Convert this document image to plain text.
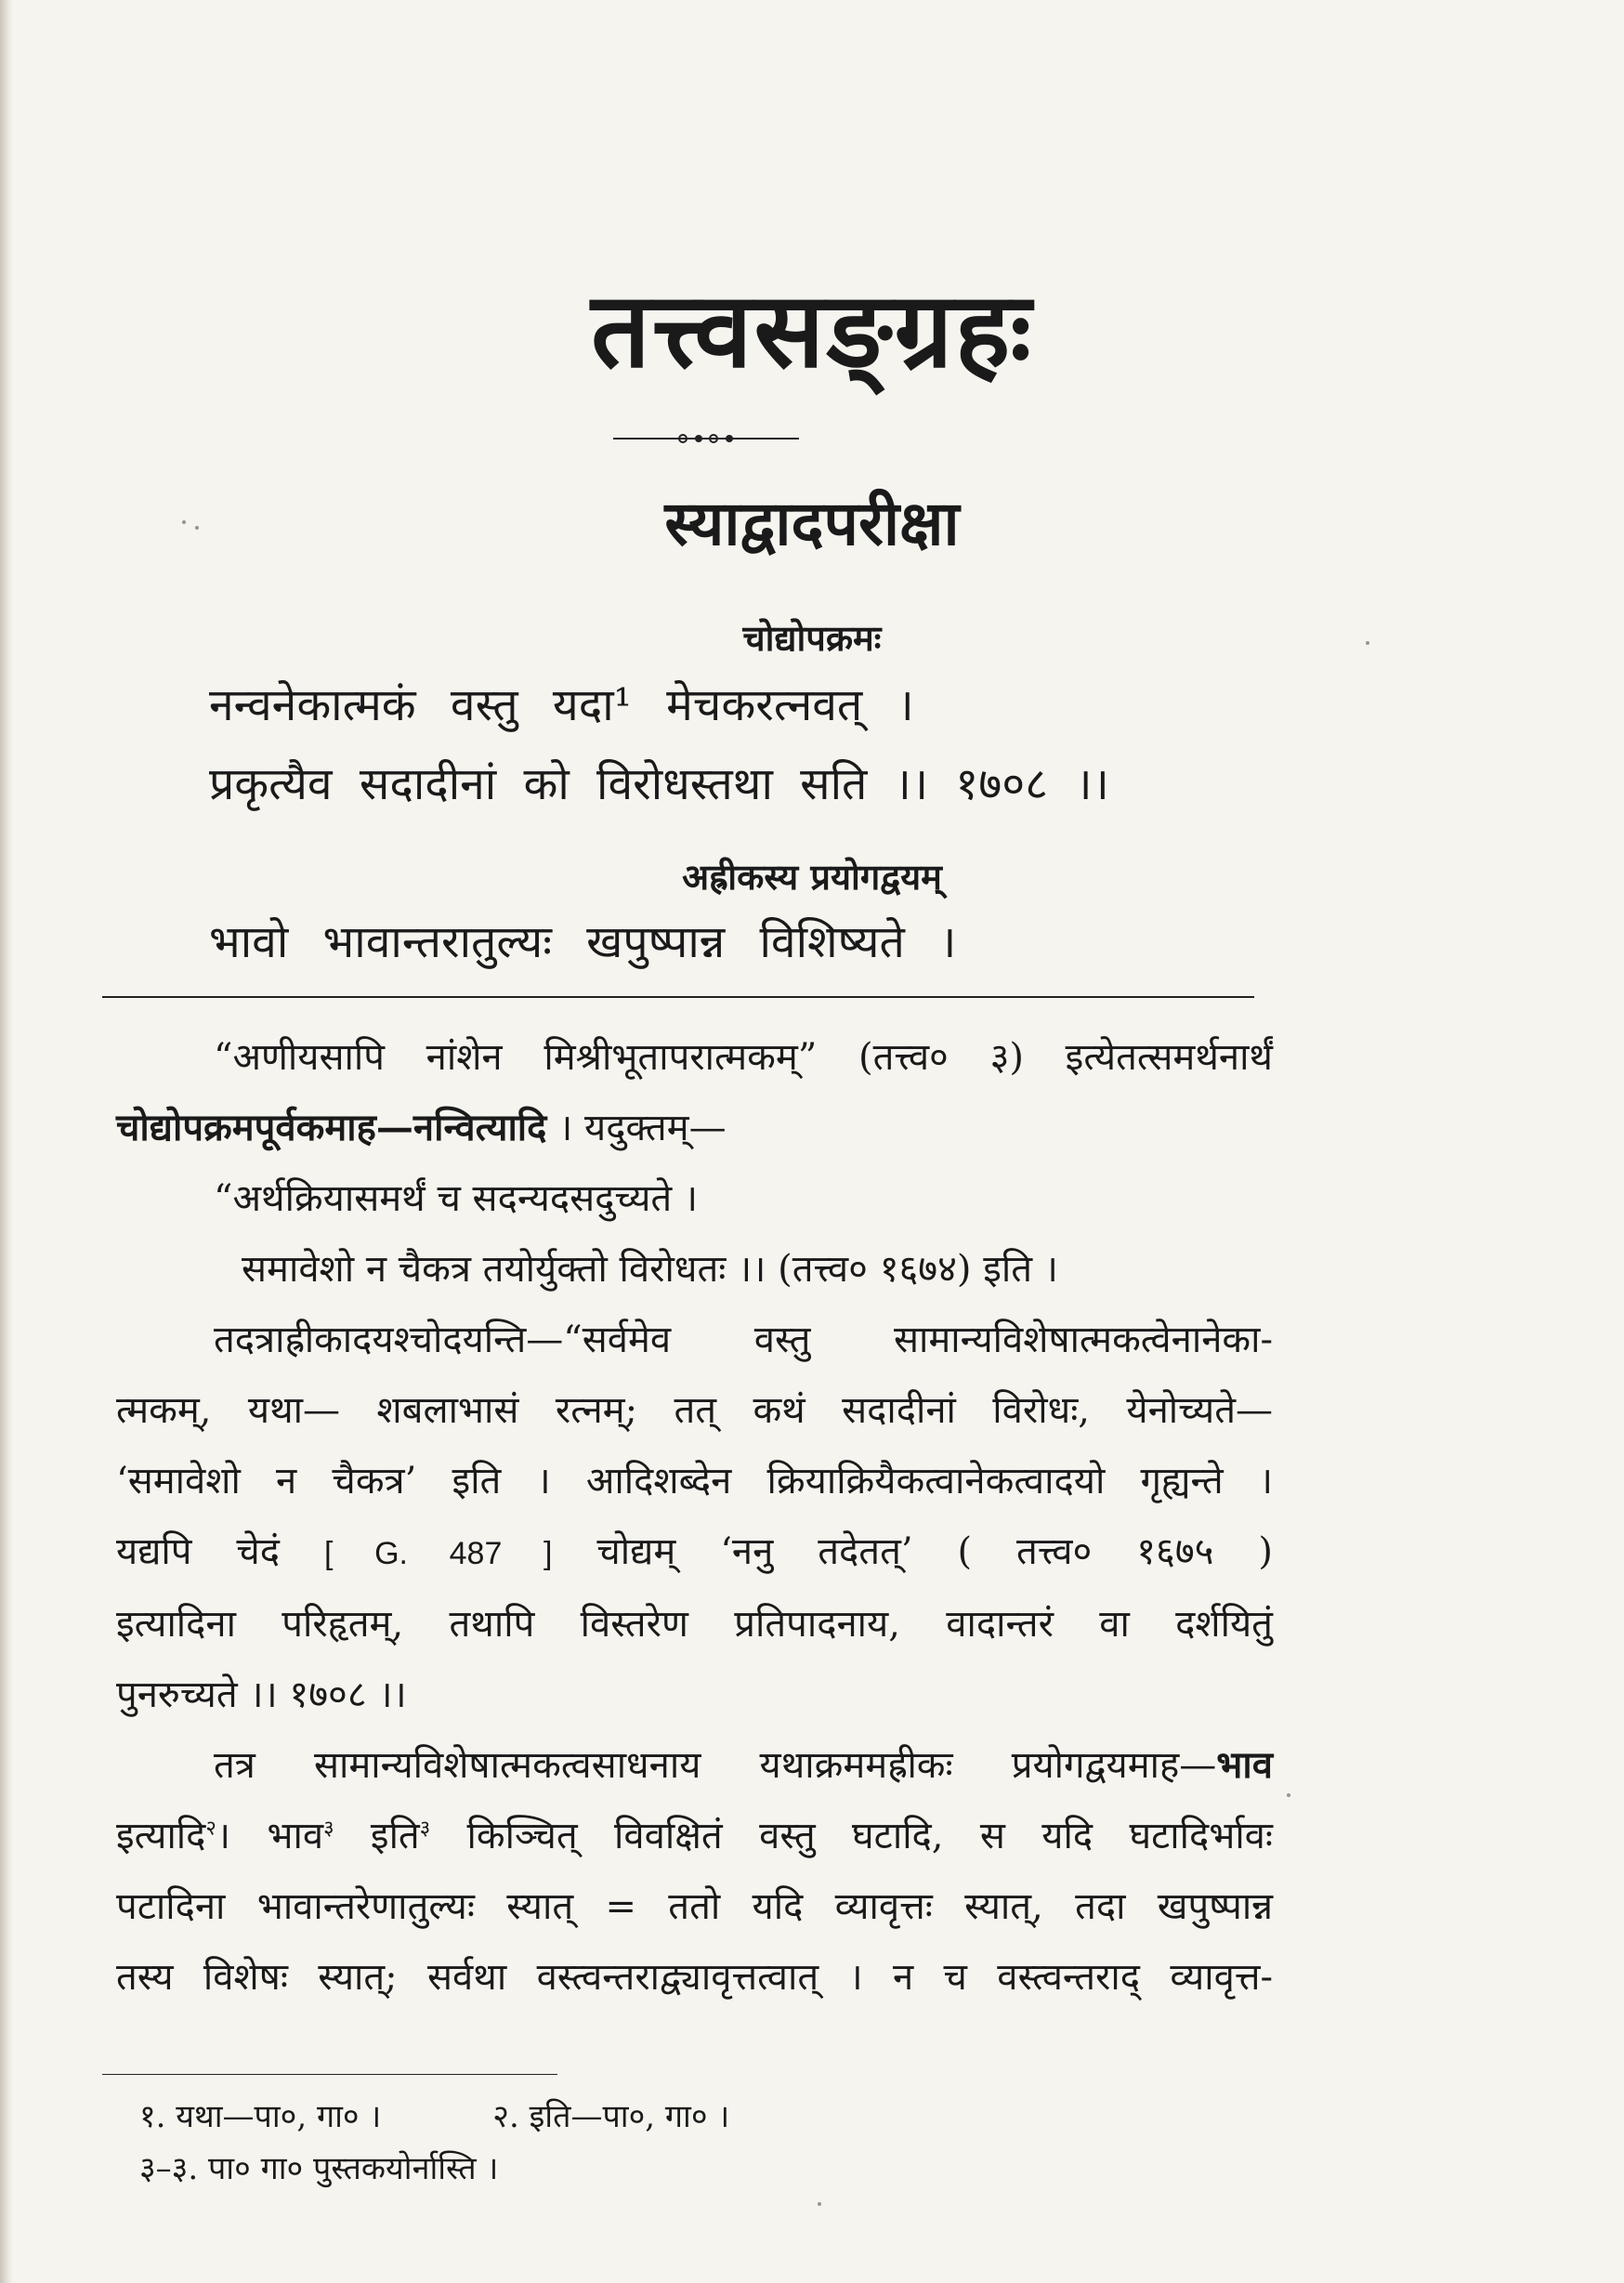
तत्त्वसङ्ग्रहः
स्याद्वादपरीक्षा
चोद्योपक्रमः
नन्वनेकात्मकं वस्तु यदा¹ मेचकरत्नवत् ।
प्रकृत्यैव सदादीनां को विरोधस्तथा सति ।। १७०८ ।।
अह्रीकस्य प्रयोगद्वयम्
भावो भावान्तरातुल्यः खपुष्पान्न विशिष्यते ।

“अणीयसापि नांशेन मिश्रीभूतापरात्मकम्” (तत्त्व० ३) इत्येतत्समर्थनार्थं

चोद्योपक्रमपूर्वकमाह—नन्वित्यादि । यदुक्तम्—

“अर्थक्रियासमर्थं च सदन्यदसदुच्यते ।

समावेशो न चैकत्र तयोर्युक्तो विरोधतः ।। (तत्त्व० १६७४) इति ।

तदत्राह्रीकादयश्चोदयन्ति—“सर्वमेव वस्तु सामान्यविशेषात्मकत्वेनानेका-

त्मकम्, यथा— शबलाभासं रत्नम्; तत् कथं सदादीनां विरोधः, येनोच्यते—

‘समावेशो न चैकत्र’ इति । आदिशब्देन क्रियाक्रियैकत्वानेकत्वादयो गृह्यन्ते ।

यद्यपि चेदं [ G. 487 ] चोद्यम् ‘ननु तदेतत्’ ( तत्त्व० १६७५ )

इत्यादिना परिहृतम्, तथापि विस्तरेण प्रतिपादनाय, वादान्तरं वा दर्शयितुं

पुनरुच्यते ।। १७०८ ।।

तत्र सामान्यविशेषात्मकत्वसाधनाय यथाक्रममह्रीकः प्रयोगद्वयमाह—भाव

इत्यादि$^२$। भाव$^३$ इति$^३$ किञ्चित् विवक्षितं वस्तु घटादि, स यदि घटादिर्भावः

पटादिना भावान्तरेणातुल्यः स्यात् = ततो यदि व्यावृत्तः स्यात्, तदा खपुष्पान्न

तस्य विशेषः स्यात्; सर्वथा वस्त्वन्तराद्व्यावृत्तत्वात् । न च वस्त्वन्तराद् व्यावृत्त-

१. यथा—पा०, गा० ।	२. इति—पा०, गा० ।

३–३. पा० गा० पुस्तकयोर्नास्ति ।
